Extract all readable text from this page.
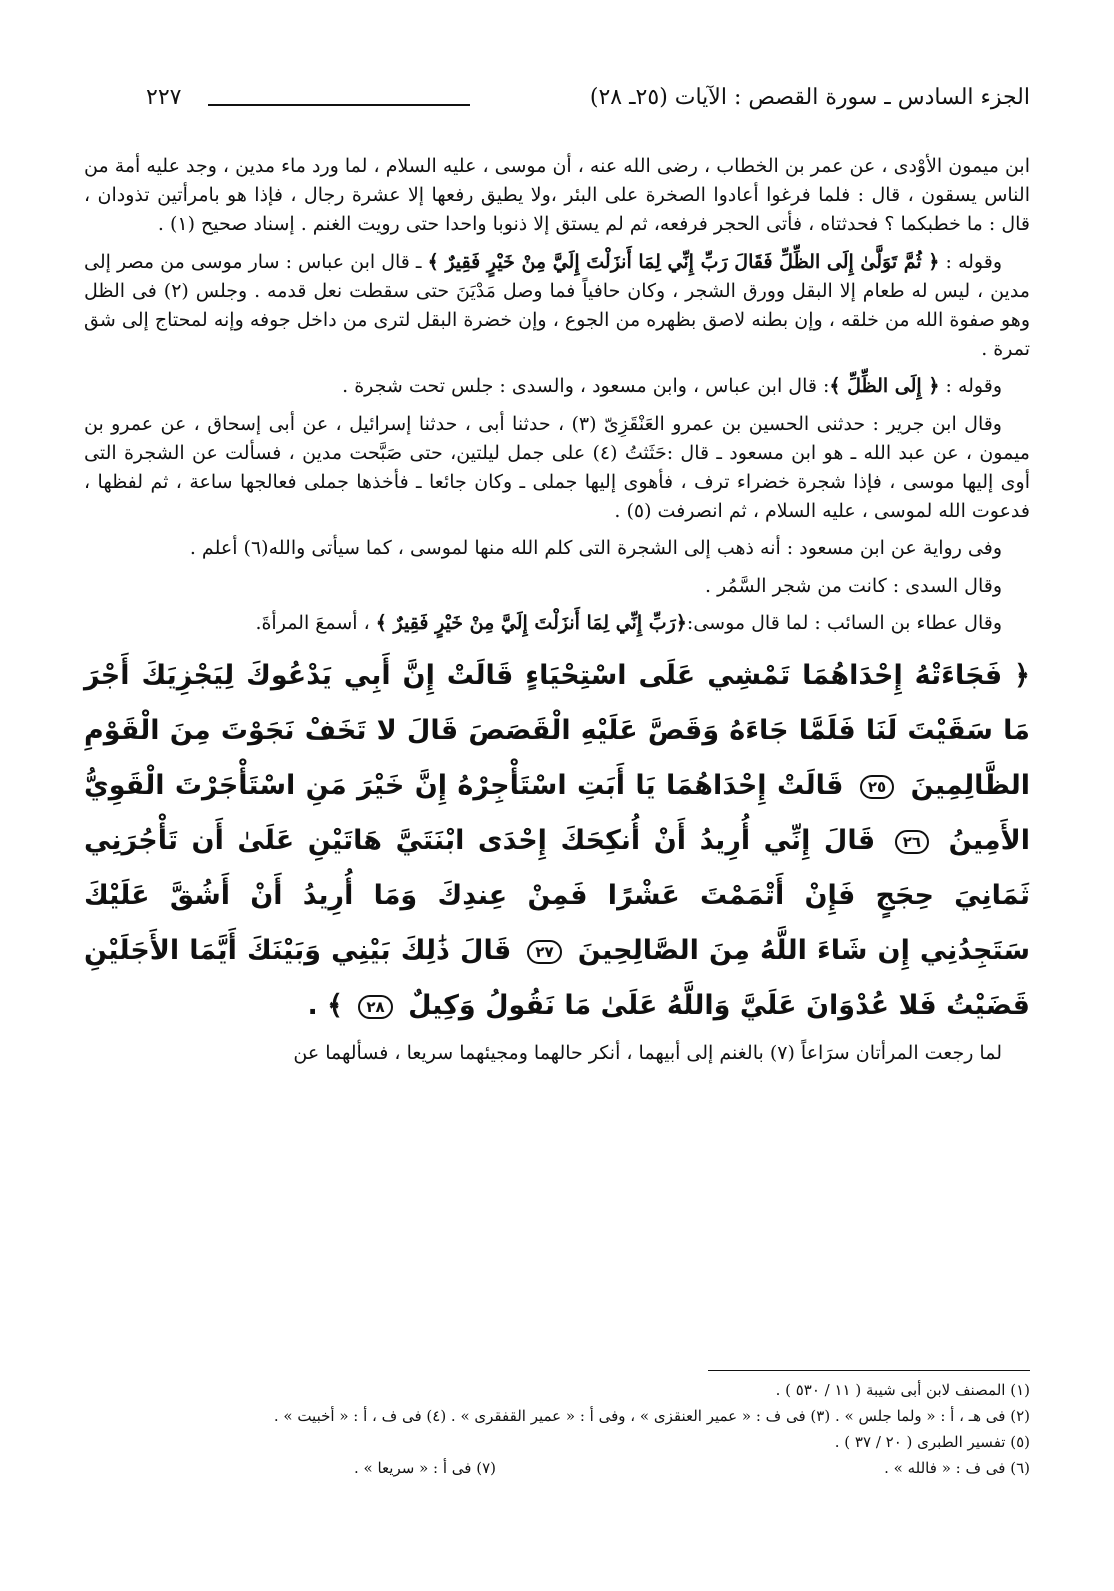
الجزء السادس ـ سورة القصص : الآيات (٢٥ـ ٢٨)
٢٢٧

ابن ميمون الأوْدى ، عن عمر بن الخطاب ، رضى الله عنه ، أن موسى ، عليه السلام ، لما ورد ماء مدين ، وجد عليه أمة من الناس يسقون ، قال : فلما فرغوا أعادوا الصخرة على البئر ،ولا يطيق رفعها إلا عشرة رجال ، فإذا هو بامرأتين تذودان ، قال : ما خطبكما ؟ فحدثتاه ، فأتى الحجر فرفعه، ثم لم يستق إلا ذنوبا واحدا حتى رويت الغنم . إسناد صحيح (١) .

وقوله : ﴿ ثُمَّ تَوَلَّىٰ إِلَى الظِّلِّ فَقَالَ رَبِّ إِنِّي لِمَا أَنزَلْتَ إِلَيَّ مِنْ خَيْرٍ فَقِيرٌ ﴾ ـ قال ابن عباس : سار موسى من مصر إلى مدين ، ليس له طعام إلا البقل وورق الشجر ، وكان حافياً فما وصل مَدْيَنَ حتى سقطت نعل قدمه . وجلس (٢) فى الظل وهو صفوة الله من خلقه ، وإن بطنه لاصق بظهره من الجوع ، وإن خضرة البقل لترى من داخل جوفه وإنه لمحتاج إلى شق تمرة .

وقوله : ﴿ إِلَى الظِّلِّ ﴾: قال ابن عباس ، وابن مسعود ، والسدى : جلس تحت شجرة .

وقال ابن جرير : حدثنى الحسين بن عمرو العَنْقَزِىّ (٣) ، حدثنا أبى ، حدثنا إسرائيل ، عن أبى إسحاق ، عن عمرو بن ميمون ، عن عبد الله ـ هو ابن مسعود ـ قال :حَثَثتُ (٤) على جمل ليلتين، حتى صَبَّحت مدين ، فسألت عن الشجرة التى أوى إليها موسى ، فإذا شجرة خضراء ترف ، فأهوى إليها جملى ـ وكان جائعا ـ فأخذها جملى فعالجها ساعة ، ثم لفظها ، فدعوت الله لموسى ، عليه السلام ، ثم انصرفت (٥) .

وفى رواية عن ابن مسعود : أنه ذهب إلى الشجرة التى كلم الله منها لموسى ، كما سيأتى والله(٦) أعلم .

وقال السدى : كانت من شجر السَّمُر .

وقال عطاء بن السائب : لما قال موسى:﴿رَبِّ إِنِّي لِمَا أَنزَلْتَ إِلَيَّ مِنْ خَيْرٍ فَقِيرٌ ﴾ ، أسمعَ المرأةَ.

﴿ فَجَاءَتْهُ إِحْدَاهُمَا تَمْشِي عَلَى اسْتِحْيَاءٍ قَالَتْ إِنَّ أَبِي يَدْعُوكَ لِيَجْزِيَكَ أَجْرَ مَا سَقَيْتَ لَنَا فَلَمَّا جَاءَهُ وَقَصَّ عَلَيْهِ الْقَصَصَ قَالَ لا تَخَفْ نَجَوْتَ مِنَ الْقَوْمِ الظَّالِمِينَ ٢٥ قَالَتْ إِحْدَاهُمَا يَا أَبَتِ اسْتَأْجِرْهُ إِنَّ خَيْرَ مَنِ اسْتَأْجَرْتَ الْقَوِيُّ الأَمِينُ ٢٦ قَالَ إِنِّي أُرِيدُ أَنْ أُنكِحَكَ إِحْدَى ابْنَتَيَّ هَاتَيْنِ عَلَىٰ أَن تَأْجُرَنِي ثَمَانِيَ حِجَجٍ فَإِنْ أَتْمَمْتَ عَشْرًا فَمِنْ عِندِكَ وَمَا أُرِيدُ أَنْ أَشُقَّ عَلَيْكَ سَتَجِدُنِي إِن شَاءَ اللَّهُ مِنَ الصَّالِحِينَ ٢٧ قَالَ ذَٰلِكَ بَيْنِي وَبَيْنَكَ أَيَّمَا الأَجَلَيْنِ قَضَيْتُ فَلا عُدْوَانَ عَلَيَّ وَاللَّهُ عَلَىٰ مَا نَقُولُ وَكِيلٌ ٢٨ ﴾ .

لما رجعت المرأتان سرَاعاً (٧) بالغنم إلى أبيهما ، أنكر حالهما ومجيئهما سريعا ، فسألهما عن

(١) المصنف لابن أبى شيبة ( ١١ / ٥٣٠ ) .
(٢) فى هـ ، أ : « ولما جلس » . (٣) فى ف : « عمير العنقزى » ، وفى أ : « عمير القفقرى » . (٤) فى ف ، أ : « أخبيت » .
(٥) تفسير الطبرى ( ٢٠ / ٣٧ ) .
(٦) فى ف : « فالله » .
(٧) فى أ : « سريعا » .
